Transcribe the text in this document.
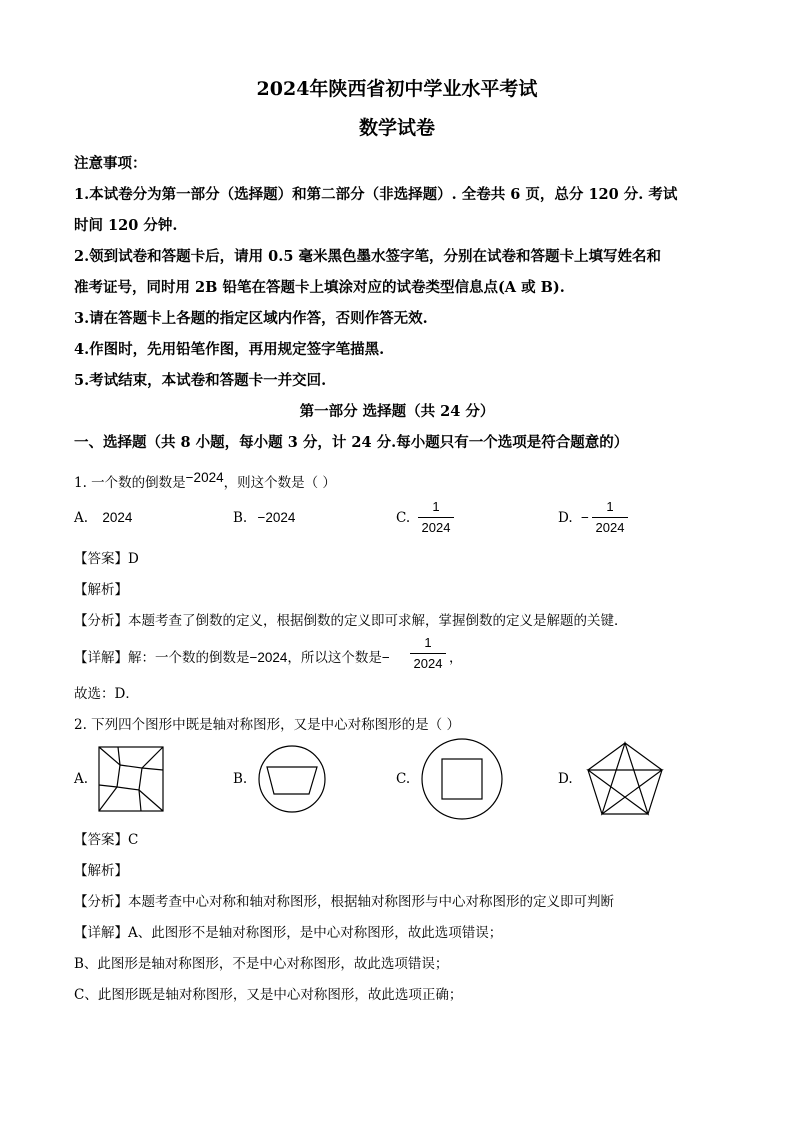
2024年陕西省初中学业水平考试
数学试卷
注意事项：
1.本试卷分为第一部分（选择题）和第二部分（非选择题）. 全卷共 6 页，总分 120 分. 考试
时间 120 分钟.
2.领到试卷和答题卡后，请用 0.5 毫米黑色墨水签字笔，分别在试卷和答题卡上填写姓名和
准考证号，同时用 2B 铅笔在答题卡上填涂对应的试卷类型信息点(A 或 B).
3.请在答题卡上各题的指定区域内作答，否则作答无效.
4.作图时，先用铅笔作图，再用规定签字笔描黑.
5.考试结束，本试卷和答题卡一并交回.
第一部分 选择题（共 24 分）
一、选择题（共 8 小题，每小题 3 分，计 24 分.每小题只有一个选项是符合题意的）
1. 一个数的倒数是−2024，则这个数是（ ）
A. 2024	B. −2024	C.
1
2024
D. −
1
2024
【答案】D
【解析】
【分析】本题考查了倒数的定义，根据倒数的定义即可求解，掌握倒数的定义是解题的关键．
【详解】解：一个数的倒数是−2024，所以这个数是−
1
2024 ，
故选：D．
2. 下列四个图形中既是轴对称图形，又是中心对称图形的是（ ）
A.	B.	C.	D.
【答案】C
【解析】
【分析】本题考查中心对称和轴对称图形，根据轴对称图形与中心对称图形的定义即可判断
【详解】A、此图形不是轴对称图形，是中心对称图形，故此选项错误；
B、此图形是轴对称图形，不是中心对称图形，故此选项错误；
C、此图形既是轴对称图形，又是中心对称图形，故此选项正确；
